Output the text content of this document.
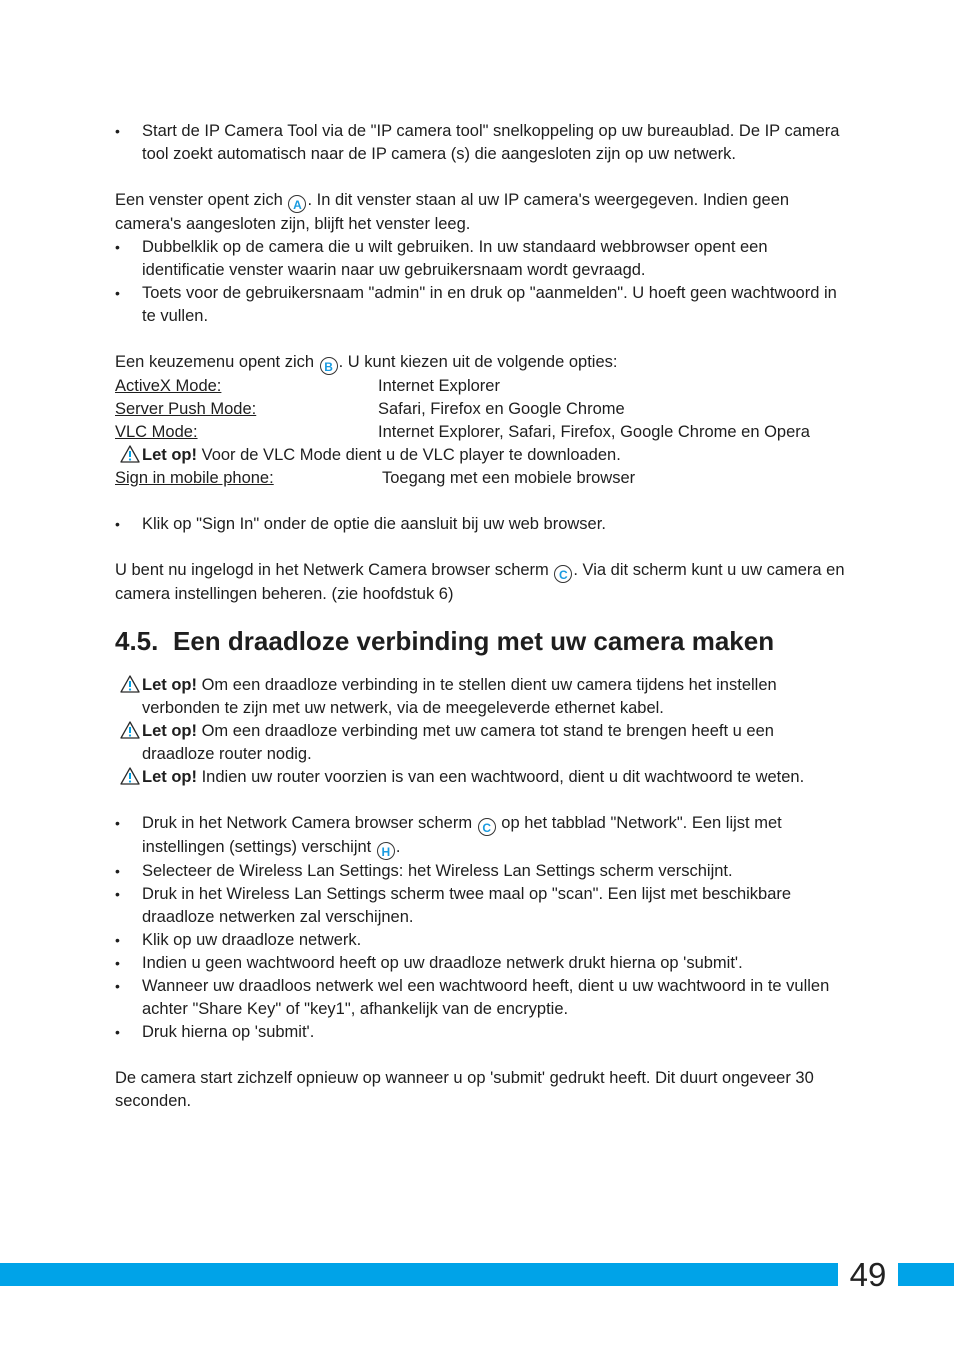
• Start de IP Camera Tool via de "IP camera tool" snelkoppeling op uw bureaublad. De IP camera tool zoekt automatisch naar de IP camera (s) die aangesloten zijn op uw netwerk.

Een venster opent zich A . In dit venster staan al uw IP camera's weergegeven. Indien geen camera's aangesloten zijn, blijft het venster leeg.

• Dubbelklik op de camera die u wilt gebruiken. In uw standaard webbrowser opent een identificatie venster waarin naar uw gebruikersnaam wordt gevraagd.
• Toets voor de gebruikersnaam "admin" in en druk op "aanmelden". U hoeft geen wachtwoord in te vullen.

Een keuzemenu opent zich B . U kunt kiezen uit de volgende opties:

ActiveX Mode:	Internet Explorer
Server Push Mode:	Safari, Firefox en Google Chrome
VLC Mode:	Internet Explorer, Safari, Firefox, Google Chrome en Opera
Let op! Voor de VLC Mode dient u de VLC player te downloaden.
Sign in mobile phone:	Toegang met een mobiele browser
• Klik op "Sign In" onder de optie die aansluit bij uw web browser.

U bent nu ingelogd in het Netwerk Camera browser scherm C . Via dit scherm kunt u uw camera en camera instellingen beheren. (zie hoofdstuk 6)

4.5. Een draadloze verbinding met uw camera maken
Let op! Om een draadloze verbinding in te stellen dient uw camera tijdens het instellen verbonden te zijn met uw netwerk, via de meegeleverde ethernet kabel.
Let op! Om een draadloze verbinding met uw camera tot stand te brengen heeft u een draadloze router nodig.
Let op! Indien uw router voorzien is van een wachtwoord, dient u dit wachtwoord te weten.
• Druk in het Network Camera browser scherm C op het tabblad "Network". Een lijst met instellingen (settings) verschijnt H .
• Selecteer de Wireless Lan Settings: het Wireless Lan Settings scherm verschijnt.
• Druk in het Wireless Lan Settings scherm twee maal op "scan". Een lijst met beschikbare draadloze netwerken zal verschijnen.
• Klik op uw draadloze netwerk.
• Indien u geen wachtwoord heeft op uw draadloze netwerk drukt hierna op 'submit'.
• Wanneer uw draadloos netwerk wel een wachtwoord heeft, dient u uw wachtwoord in te vullen achter "Share Key" of "key1", afhankelijk van de encryptie.
• Druk hierna op 'submit'.

De camera start zichzelf opnieuw op wanneer u op 'submit' gedrukt heeft. Dit duurt ongeveer 30 seconden.

49
